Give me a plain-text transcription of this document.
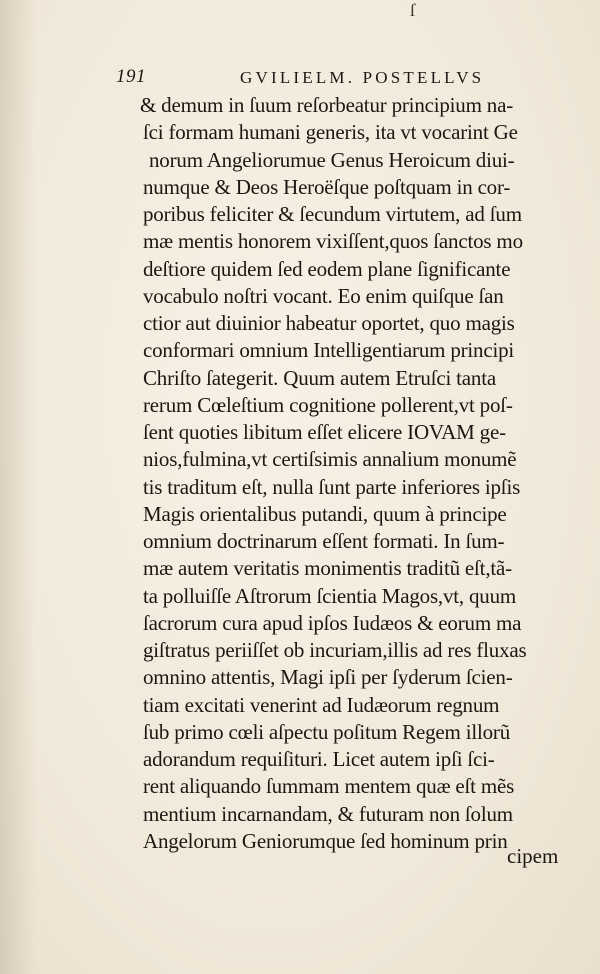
ſ
191	GVILIELM. POSTELLVS
& demum in ſuum reſorbeatur principium na-
ſci formam humani generis, ita vt vocarint Ge
norum Angeliorumue Genus Heroicum diui-
numque & Deos Heroëſque poſtquam in cor-
poribus feliciter & ſecundum virtutem, ad ſum
mæ mentis honorem vixiſſent,quos ſanctos mo
deſtiore quidem ſed eodem plane ſignificante
vocabulo noſtri vocant. Eo enim quiſque ſan
ctior aut diuinior habeatur oportet, quo magis
conformari omnium Intelligentiarum principi
Chriſto ſategerit. Quum autem Etruſci tanta
rerum Cœleſtium cognitione pollerent,vt poſ-
ſent quoties libitum eſſet elicere IOVAM ge-
nios,fulmina,vt certiſsimis annalium monumẽ
tis traditum eſt, nulla ſunt parte inferiores ipſis
Magis orientalibus putandi, quum à principe
omnium doctrinarum eſſent formati. In ſum-
mæ autem veritatis monimentis traditũ eſt,tã-
ta polluiſſe Aſtrorum ſcientia Magos,vt, quum
ſacrorum cura apud ipſos Iudæos & eorum ma
giſtratus periiſſet ob incuriam,illis ad res fluxas
omnino attentis, Magi ipſi per ſyderum ſcien-
tiam excitati venerint ad Iudæorum regnum
ſub primo cœli aſpectu poſitum Regem illorũ
adorandum requiſituri. Licet autem ipſi ſci-
rent aliquando ſummam mentem quæ eſt mẽs
mentium incarnandam, & futuram non ſolum
Angelorum Geniorumque ſed hominum prin
cipem
